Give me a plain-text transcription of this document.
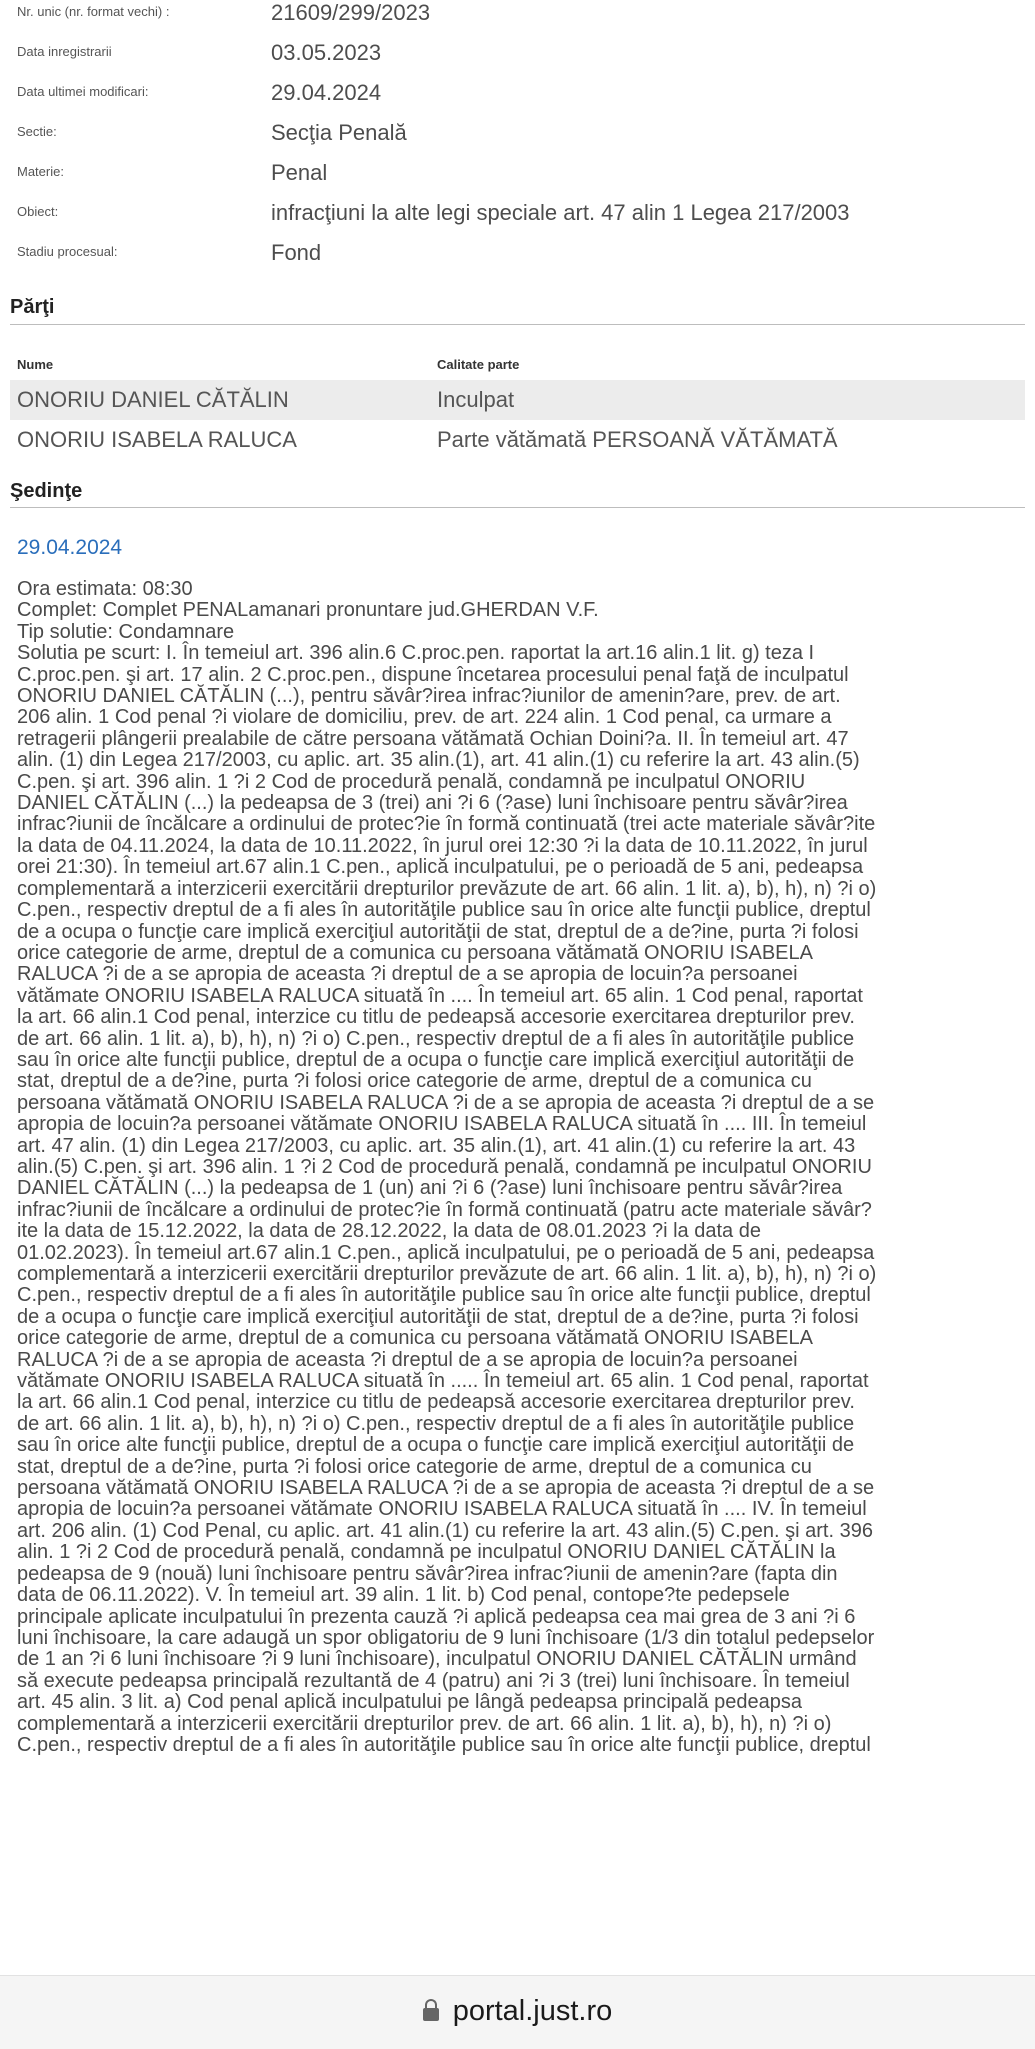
Nr. unic (nr. format vechi) :	21609/299/2023
Data inregistrarii	03.05.2023
Data ultimei modificari:	29.04.2024
Sectie:	Secţia Penală
Materie:	Penal
Obiect:	infracţiuni la alte legi speciale art. 47 alin 1 Legea 217/2003
Stadiu procesual:	Fond
Părţi
Nume	Calitate parte
ONORIU DANIEL CĂTĂLIN	Inculpat
ONORIU ISABELA RALUCA	Parte vătămată PERSOANĂ VĂTĂMATĂ
Şedinţe
29.04.2024
Ora estimata: 08:30
Complet: Complet PENALamanari pronuntare jud.GHERDAN V.F.
Tip solutie: Condamnare
Solutia pe scurt: I. În temeiul art. 396 alin.6 C.proc.pen. raportat la art.16 alin.1 lit. g) teza I
C.proc.pen. şi art. 17 alin. 2 C.proc.pen., dispune încetarea procesului penal faţă de inculpatul
ONORIU DANIEL CĂTĂLIN (...), pentru săvâr?irea infrac?iunilor de amenin?are, prev. de art.
206 alin. 1 Cod penal ?i violare de domiciliu, prev. de art. 224 alin. 1 Cod penal, ca urmare a
retragerii plângerii prealabile de către persoana vătămată Ochian Doini?a. II. În temeiul art. 47
alin. (1) din Legea 217/2003, cu aplic. art. 35 alin.(1), art. 41 alin.(1) cu referire la art. 43 alin.(5)
C.pen. şi art. 396 alin. 1 ?i 2 Cod de procedură penală, condamnă pe inculpatul ONORIU
DANIEL CĂTĂLIN (...) la pedeapsa de 3 (trei) ani ?i 6 (?ase) luni închisoare pentru săvâr?irea
infrac?iunii de încălcare a ordinului de protec?ie în formă continuată (trei acte materiale săvâr?ite
la data de 04.11.2024, la data de 10.11.2022, în jurul orei 12:30 ?i la data de 10.11.2022, în jurul
orei 21:30). În temeiul art.67 alin.1 C.pen., aplică inculpatului, pe o perioadă de 5 ani, pedeapsa
complementară a interzicerii exercitării drepturilor prevăzute de art. 66 alin. 1 lit. a), b), h), n) ?i o)
C.pen., respectiv dreptul de a fi ales în autorităţile publice sau în orice alte funcţii publice, dreptul
de a ocupa o funcţie care implică exerciţiul autorităţii de stat, dreptul de a de?ine, purta ?i folosi
orice categorie de arme, dreptul de a comunica cu persoana vătămată ONORIU ISABELA
RALUCA ?i de a se apropia de aceasta ?i dreptul de a se apropia de locuin?a persoanei
vătămate ONORIU ISABELA RALUCA situată în .... În temeiul art. 65 alin. 1 Cod penal, raportat
la art. 66 alin.1 Cod penal, interzice cu titlu de pedeapsă accesorie exercitarea drepturilor prev.
de art. 66 alin. 1 lit. a), b), h), n) ?i o) C.pen., respectiv dreptul de a fi ales în autorităţile publice
sau în orice alte funcţii publice, dreptul de a ocupa o funcţie care implică exerciţiul autorităţii de
stat, dreptul de a de?ine, purta ?i folosi orice categorie de arme, dreptul de a comunica cu
persoana vătămată ONORIU ISABELA RALUCA ?i de a se apropia de aceasta ?i dreptul de a se
apropia de locuin?a persoanei vătămate ONORIU ISABELA RALUCA situată în .... III. În temeiul
art. 47 alin. (1) din Legea 217/2003, cu aplic. art. 35 alin.(1), art. 41 alin.(1) cu referire la art. 43
alin.(5) C.pen. şi art. 396 alin. 1 ?i 2 Cod de procedură penală, condamnă pe inculpatul ONORIU
DANIEL CĂTĂLIN (...) la pedeapsa de 1 (un) ani ?i 6 (?ase) luni închisoare pentru săvâr?irea
infrac?iunii de încălcare a ordinului de protec?ie în formă continuată (patru acte materiale săvâr?
ite la data de 15.12.2022, la data de 28.12.2022, la data de 08.01.2023 ?i la data de
01.02.2023). În temeiul art.67 alin.1 C.pen., aplică inculpatului, pe o perioadă de 5 ani, pedeapsa
complementară a interzicerii exercitării drepturilor prevăzute de art. 66 alin. 1 lit. a), b), h), n) ?i o)
C.pen., respectiv dreptul de a fi ales în autorităţile publice sau în orice alte funcţii publice, dreptul
de a ocupa o funcţie care implică exerciţiul autorităţii de stat, dreptul de a de?ine, purta ?i folosi
orice categorie de arme, dreptul de a comunica cu persoana vătămată ONORIU ISABELA
RALUCA ?i de a se apropia de aceasta ?i dreptul de a se apropia de locuin?a persoanei
vătămate ONORIU ISABELA RALUCA situată în ..... În temeiul art. 65 alin. 1 Cod penal, raportat
la art. 66 alin.1 Cod penal, interzice cu titlu de pedeapsă accesorie exercitarea drepturilor prev.
de art. 66 alin. 1 lit. a), b), h), n) ?i o) C.pen., respectiv dreptul de a fi ales în autorităţile publice
sau în orice alte funcţii publice, dreptul de a ocupa o funcţie care implică exerciţiul autorităţii de
stat, dreptul de a de?ine, purta ?i folosi orice categorie de arme, dreptul de a comunica cu
persoana vătămată ONORIU ISABELA RALUCA ?i de a se apropia de aceasta ?i dreptul de a se
apropia de locuin?a persoanei vătămate ONORIU ISABELA RALUCA situată în .... IV. În temeiul
art. 206 alin. (1) Cod Penal, cu aplic. art. 41 alin.(1) cu referire la art. 43 alin.(5) C.pen. şi art. 396
alin. 1 ?i 2 Cod de procedură penală, condamnă pe inculpatul ONORIU DANIEL CĂTĂLIN la
pedeapsa de 9 (nouă) luni închisoare pentru săvâr?irea infrac?iunii de amenin?are (fapta din
data de 06.11.2022). V. În temeiul art. 39 alin. 1 lit. b) Cod penal, contope?te pedepsele
principale aplicate inculpatului în prezenta cauză ?i aplică pedeapsa cea mai grea de 3 ani ?i 6
luni închisoare, la care adaugă un spor obligatoriu de 9 luni închisoare (1/3 din totalul pedepselor
de 1 an ?i 6 luni închisoare ?i 9 luni închisoare), inculpatul ONORIU DANIEL CĂTĂLIN urmând
să execute pedeapsa principală rezultantă de 4 (patru) ani ?i 3 (trei) luni închisoare. În temeiul
art. 45 alin. 3 lit. a) Cod penal aplică inculpatului pe lângă pedeapsa principală pedeapsa
complementară a interzicerii exercitării drepturilor prev. de art. 66 alin. 1 lit. a), b), h), n) ?i o)
C.pen., respectiv dreptul de a fi ales în autorităţile publice sau în orice alte funcţii publice, dreptul
portal.just.ro
